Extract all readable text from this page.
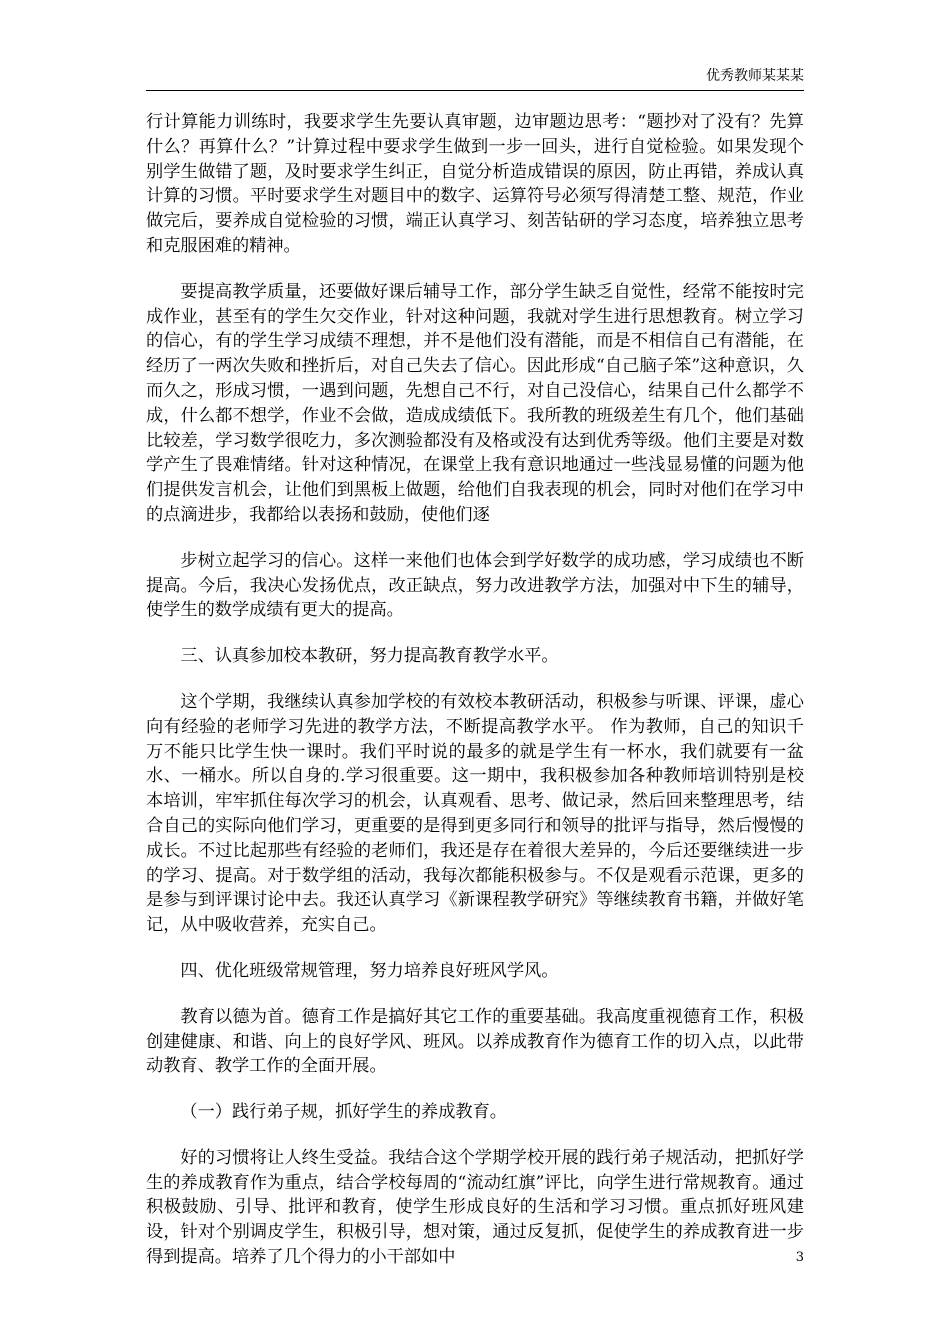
优秀教师某某某

行计算能力训练时，我要求学生先要认真审题，边审题边思考：“题抄对了没有？先算什么？再算什么？”计算过程中要求学生做到一步一回头，进行自觉检验。如果发现个别学生做错了题，及时要求学生纠正，自觉分析造成错误的原因，防止再错，养成认真计算的习惯。平时要求学生对题目中的数字、运算符号必须写得清楚工整、规范，作业做完后，要养成自觉检验的习惯，端正认真学习、刻苦钻研的学习态度，培养独立思考和克服困难的精神。

要提高教学质量，还要做好课后辅导工作，部分学生缺乏自觉性，经常不能按时完成作业，甚至有的学生欠交作业，针对这种问题，我就对学生进行思想教育。树立学习的信心，有的学生学习成绩不理想，并不是他们没有潜能，而是不相信自己有潜能，在经历了一两次失败和挫折后，对自己失去了信心。因此形成“自己脑子笨”这种意识，久而久之，形成习惯，一遇到问题，先想自己不行，对自己没信心，结果自己什么都学不成，什么都不想学，作业不会做，造成成绩低下。我所教的班级差生有几个，他们基础比较差，学习数学很吃力，多次测验都没有及格或没有达到优秀等级。他们主要是对数学产生了畏难情绪。针对这种情况，在课堂上我有意识地通过一些浅显易懂的问题为他们提供发言机会，让他们到黑板上做题，给他们自我表现的机会，同时对他们在学习中的点滴进步，我都给以表扬和鼓励，使他们逐

步树立起学习的信心。这样一来他们也体会到学好数学的成功感，学习成绩也不断提高。今后，我决心发扬优点，改正缺点，努力改进教学方法，加强对中下生的辅导，使学生的数学成绩有更大的提高。

三、认真参加校本教研，努力提高教育教学水平。

这个学期，我继续认真参加学校的有效校本教研活动，积极参与听课、评课，虚心向有经验的老师学习先进的教学方法，不断提高教学水平。 作为教师，自己的知识千万不能只比学生快一课时。我们平时说的最多的就是学生有一杯水，我们就要有一盆水、一桶水。所以自身的.学习很重要。这一期中，我积极参加各种教师培训特别是校本培训，牢牢抓住每次学习的机会，认真观看、思考、做记录，然后回来整理思考，结合自己的实际向他们学习，更重要的是得到更多同行和领导的批评与指导，然后慢慢的成长。不过比起那些有经验的老师们，我还是存在着很大差异的，今后还要继续进一步的学习、提高。对于数学组的活动，我每次都能积极参与。不仅是观看示范课，更多的是参与到评课讨论中去。我还认真学习《新课程教学研究》等继续教育书籍，并做好笔记，从中吸收营养，充实自己。

四、优化班级常规管理，努力培养良好班风学风。

教育以德为首。德育工作是搞好其它工作的重要基础。我高度重视德育工作，积极创建健康、和谐、向上的良好学风、班风。以养成教育作为德育工作的切入点，以此带动教育、教学工作的全面开展。

（一）践行弟子规，抓好学生的养成教育。

好的习惯将让人终生受益。我结合这个学期学校开展的践行弟子规活动，把抓好学生的养成教育作为重点，结合学校每周的“流动红旗”评比，向学生进行常规教育。通过积极鼓励、引导、批评和教育，使学生形成良好的生活和学习习惯。重点抓好班风建设，针对个别调皮学生，积极引导，想对策，通过反复抓，促使学生的养成教育进一步得到提高。培养了几个得力的小干部如中	3
